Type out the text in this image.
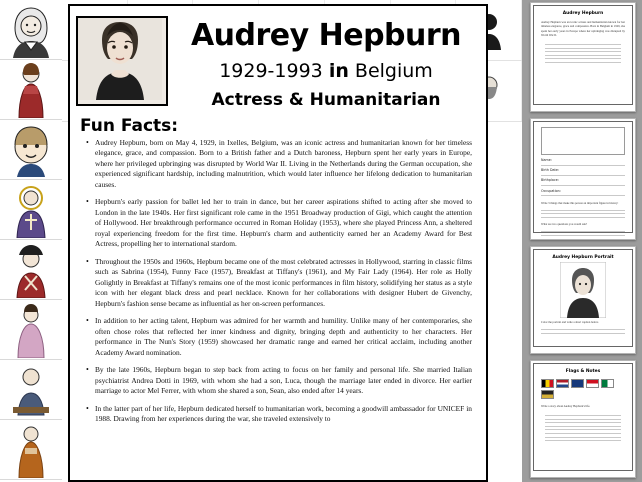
Audrey Hepburn
1929-1993 in Belgium
Actress & Humanitarian
Fun Facts:
• Audrey Hepburn, born on May 4, 1929, in Ixelles, Belgium, was an iconic actress and humanitarian known for her timeless elegance, grace, and compassion. Born to a British father and a Dutch baroness, Hepburn spent her early years in Europe, where her privileged upbringing was disrupted by World War II. Living in the Netherlands during the German occupation, she experienced significant hardship, including malnutrition, which would later influence her lifelong dedication to humanitarian causes.
• Hepburn's early passion for ballet led her to train in dance, but her career aspirations shifted to acting after she moved to London in the late 1940s. Her first significant role came in the 1951 Broadway production of Gigi, which caught the attention of Hollywood. Her breakthrough performance occurred in Roman Holiday (1953), where she played Princess Ann, a sheltered royal experiencing freedom for the first time. Hepburn's charm and authenticity earned her an Academy Award for Best Actress, propelling her to international stardom.
• Throughout the 1950s and 1960s, Hepburn became one of the most celebrated actresses in Hollywood, starring in classic films such as Sabrina (1954), Funny Face (1957), Breakfast at Tiffany's (1961), and My Fair Lady (1964). Her role as Holly Golightly in Breakfast at Tiffany's remains one of the most iconic performances in film history, solidifying her status as a style icon with her elegant black dress and pearl necklace. Known for her collaborations with designer Hubert de Givenchy, Hepburn's fashion sense became as influential as her on-screen performances.
• In addition to her acting talent, Hepburn was admired for her warmth and humility. Unlike many of her contemporaries, she often chose roles that reflected her inner kindness and dignity, bringing depth and authenticity to her characters. Her performance in The Nun's Story (1959) showcased her dramatic range and earned her critical acclaim, including another Academy Award nomination.
• By the late 1960s, Hepburn began to step back from acting to focus on her family and personal life. She married Italian psychiatrist Andrea Dotti in 1969, with whom she had a son, Luca, though the marriage later ended in divorce. Her earlier marriage to actor Mel Ferrer, with whom she shared a son, Sean, also ended after 14 years.
• In the latter part of her life, Hepburn dedicated herself to humanitarian work, becoming a goodwill ambassador for UNICEF in 1988. Drawing from her experiences during the war, she traveled extensively to
Audrey Hepburn
Audrey Hepburn was an iconic actress and humanitarian known for her timeless elegance, grace and compassion. Born in Belgium in 1929, she spent her early years in Europe where her upbringing was disrupted by World War II.
Name:
Birth Date:
Birthplace:
Occupation:
Write 3 things that make this person an important figure in history:
What are two questions you would ask?
Audrey Hepburn Portrait
Color the portrait and write a short caption below.
Flags & Notes
Write a story about Audrey Hepburn's life.
